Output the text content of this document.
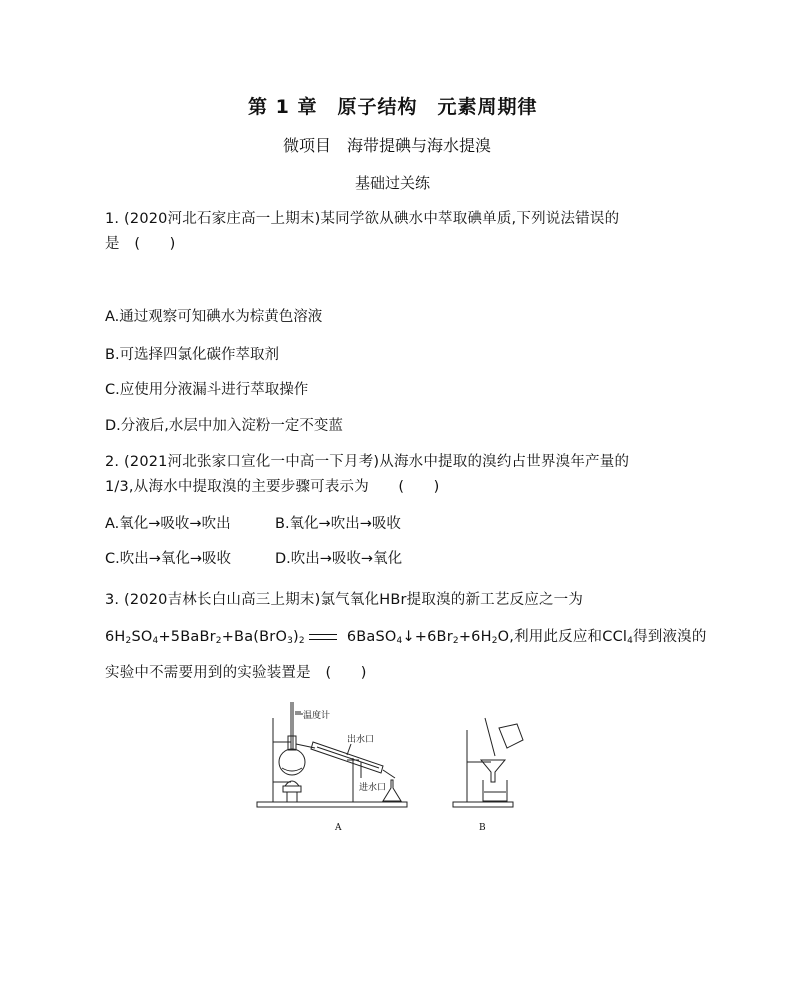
第 1 章　原子结构　元素周期律
微项目　海带提碘与海水提溴
基础过关练
1. (2020河北石家庄高一上期末)某同学欲从碘水中萃取碘单质,下列说法错误的
是　(　　)
A.通过观察可知碘水为棕黄色溶液
B.可选择四氯化碳作萃取剂
C.应使用分液漏斗进行萃取操作
D.分液后,水层中加入淀粉一定不变蓝
2. (2021河北张家口宣化一中高一下月考)从海水中提取的溴约占世界溴年产量的
1/3,从海水中提取溴的主要步骤可表示为　　(　　)
A.氧化→吸收→吹出	B.氧化→吹出→吸收
C.吹出→氧化→吸收	D.吹出→吸收→氧化
3. (2020吉林长白山高三上期末)氯气氧化HBr提取溴的新工艺反应之一为
$6H_2SO_4+5BaBr_2+Ba(BrO_3)_2$	$6BaSO_4↓+6Br_2+6H_2O$,利用此反应和CCl$_4$得到液溴的
实验中不需要用到的实验装置是　(　　)
温度计
出水口
进水口
A	B
